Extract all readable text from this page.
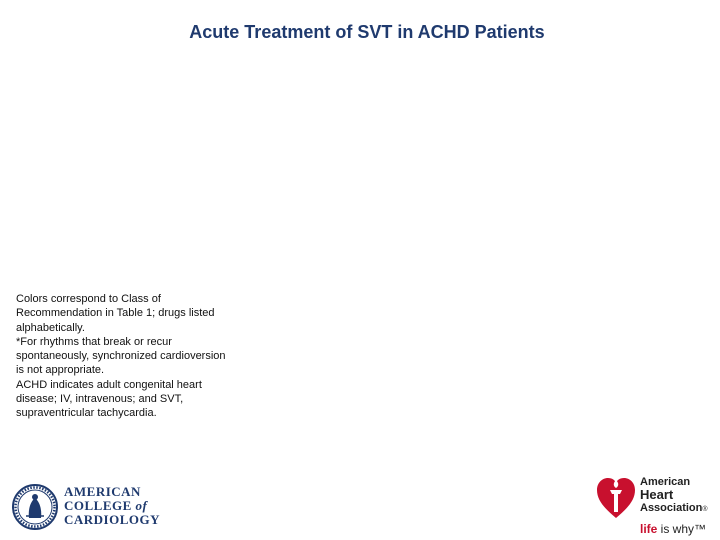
Acute Treatment of SVT in ACHD Patients
Colors correspond to Class of Recommendation in Table 1; drugs listed alphabetically.
*For rhythms that break or recur spontaneously, synchronized cardioversion is not appropriate.
ACHD indicates adult congenital heart disease; IV, intravenous; and SVT, supraventricular tachycardia.
AMERICAN
COLLEGE of
CARDIOLOGY
American
Heart
Association®
life is why™
